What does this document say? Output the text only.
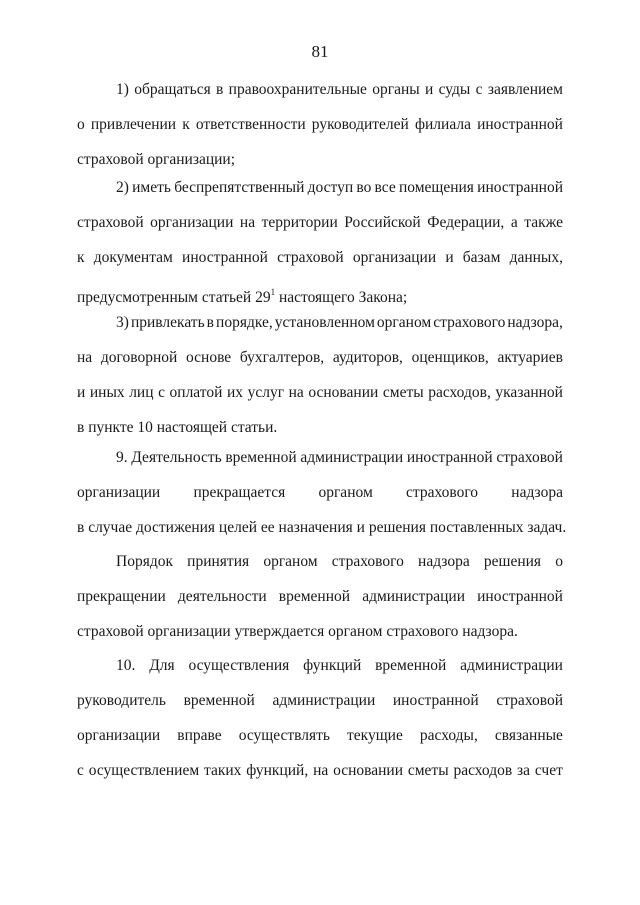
81
1) обращаться в правоохранительные органы и суды с заявлением
о привлечении к ответственности руководителей филиала иностранной
страховой организации;
2) иметь беспрепятственный доступ во все помещения иностранной
страховой организации на территории Российской Федерации, а также
к документам иностранной страховой организации и базам данных,
предусмотренным статьей $29^1$ настоящего Закона;
3) привлекать в порядке, установленном органом страхового надзора,
на договорной основе бухгалтеров, аудиторов, оценщиков, актуариев
и иных лиц с оплатой их услуг на основании сметы расходов, указанной
в пункте 10 настоящей статьи.
9. Деятельность временной администрации иностранной страховой
организации прекращается органом страхового надзора
в случае достижения целей ее назначения и решения поставленных задач.
Порядок принятия органом страхового надзора решения о
прекращении деятельности временной администрации иностранной
страховой организации утверждается органом страхового надзора.
10. Для осуществления функций временной администрации
руководитель временной администрации иностранной страховой
организации вправе осуществлять текущие расходы, связанные
с осуществлением таких функций, на основании сметы расходов за счет
